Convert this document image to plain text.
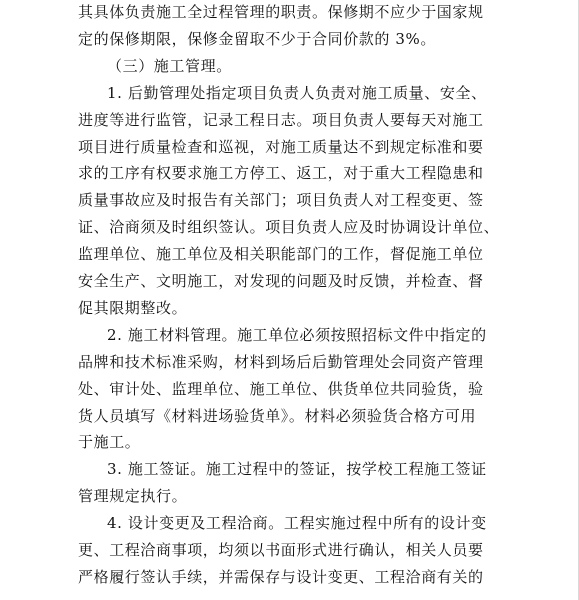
其具体负责施工全过程管理的职责。保修期不应少于国家规
定的保修期限，保修金留取不少于合同价款的 3%。
（三）施工管理。
1. 后勤管理处指定项目负责人负责对施工质量、安全、
进度等进行监管，记录工程日志。项目负责人要每天对施工
项目进行质量检查和巡视，对施工质量达不到规定标准和要
求的工序有权要求施工方停工、返工，对于重大工程隐患和
质量事故应及时报告有关部门；项目负责人对工程变更、签
证、洽商须及时组织签认。项目负责人应及时协调设计单位、
监理单位、施工单位及相关职能部门的工作，督促施工单位
安全生产、文明施工，对发现的问题及时反馈，并检查、督
促其限期整改。
2. 施工材料管理。施工单位必须按照招标文件中指定的
品牌和技术标准采购，材料到场后后勤管理处会同资产管理
处、审计处、监理单位、施工单位、供货单位共同验货，验
货人员填写《材料进场验货单》。材料必须验货合格方可用
于施工。
3. 施工签证。施工过程中的签证，按学校工程施工签证
管理规定执行。
4. 设计变更及工程洽商。工程实施过程中所有的设计变
更、工程洽商事项，均须以书面形式进行确认，相关人员要
严格履行签认手续，并需保存与设计变更、工程洽商有关的
